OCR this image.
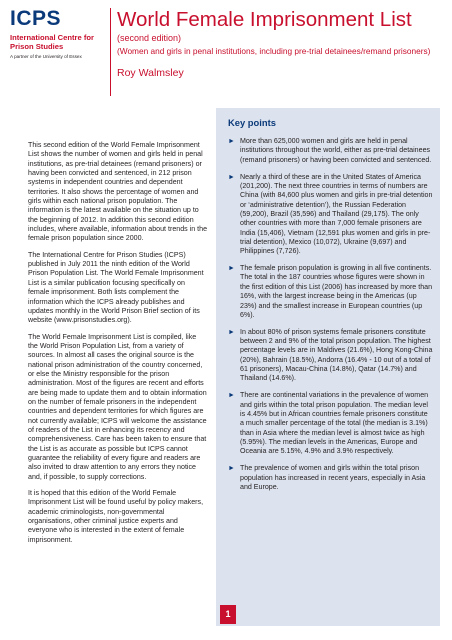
ICPS
International Centre for Prison Studies
A partner of the University of Essex
World Female Imprisonment List
(second edition)
(Women and girls in penal institutions, including pre-trial detainees/remand prisoners)
Roy Walmsley

This second edition of the World Female Imprisonment List shows the number of women and girls held in penal institutions, as pre-trial detainees (remand prisoners) or having been convicted and sentenced, in 212 prison systems in independent countries and dependent territories. It also shows the percentage of women and girls within each national prison population. The information is the latest available on the situation up to the beginning of 2012. In addition this second edition includes, where available, information about trends in the female prison population since 2000.

The International Centre for Prison Studies (ICPS) published in July 2011 the ninth edition of the World Prison Population List. The World Female Imprisonment List is a similar publication focusing specifically on female imprisonment. Both lists complement the information which the ICPS already publishes and updates monthly in the World Prison Brief section of its website (www.prisonstudies.org).

The World Female Imprisonment List is compiled, like the World Prison Population List, from a variety of sources. In almost all cases the original source is the national prison administration of the country concerned, or else the Ministry responsible for the prison administration. Most of the figures are recent and efforts are being made to update them and to obtain information on the number of female prisoners in the independent countries and dependent territories for which figures are not currently available; ICPS will welcome the assistance of readers of the List in enhancing its recency and comprehensiveness. Care has been taken to ensure that the List is as accurate as possible but ICPS cannot guarantee the reliability of every figure and readers are also invited to draw attention to any errors they notice and, if possible, to supply corrections.

It is hoped that this edition of the World Female Imprisonment List will be found useful by policy makers, academic criminologists, non-governmental organisations, other criminal justice experts and everyone who is interested in the extent of female imprisonment.

Key points
► More than 625,000 women and girls are held in penal institutions throughout the world, either as pre-trial detainees (remand prisoners) or having been convicted and sentenced.
► Nearly a third of these are in the United States of America (201,200). The next three countries in terms of numbers are China (with 84,600 plus women and girls in pre-trial detention or ‘administrative detention’), the Russian Federation (59,200), Brazil (35,596) and Thailand (29,175). The only other countries with more than 7,000 female prisoners are India (15,406), Vietnam (12,591 plus women and girls in pre-trial detention), Mexico (10,072), Ukraine (9,697) and Philippines (7,726).
► The female prison population is growing in all five continents. The total in the 187 countries whose figures were shown in the first edition of this List (2006) has increased by more than 16%, with the largest increase being in the Americas (up 23%) and the smallest increase in European countries (up 6%).
► In about 80% of prison systems female prisoners constitute between 2 and 9% of the total prison population. The highest percentage levels are in Maldives (21.6%), Hong Kong-China (20%), Bahrain (18.5%), Andorra (16.4% - 10 out of a total of 61 prisoners), Macau-China (14.8%), Qatar (14.7%) and Thailand (14.6%).
► There are continental variations in the prevalence of women and girls within the total prison population. The median level is 4.45% but in African countries female prisoners constitute a much smaller percentage of the total (the median is 3.1%) than in Asia where the median level is almost twice as high (5.95%). The median levels in the Americas, Europe and Oceania are 5.15%, 4.9% and 3.9% respectively.
► The prevalence of women and girls within the total prison population has increased in recent years, especially in Asia and Europe.
1
